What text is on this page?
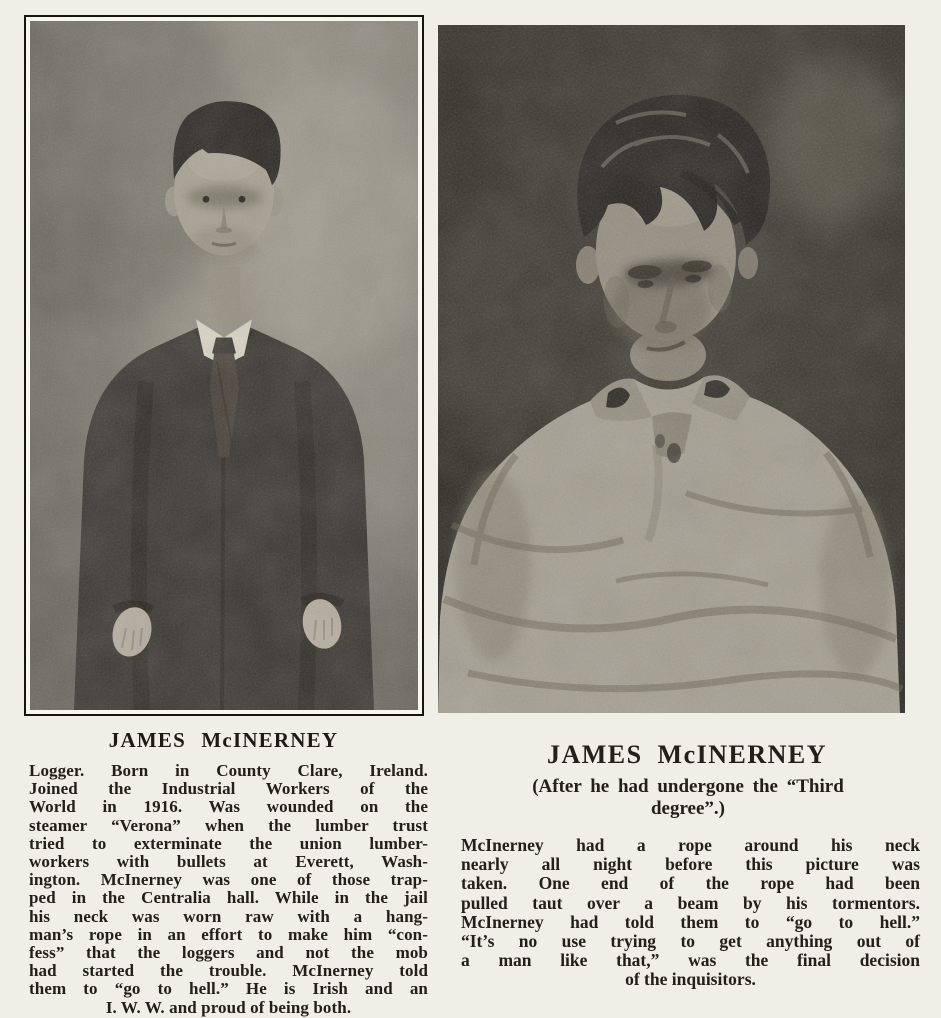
JAMES McINERNEY
Logger. Born in County Clare, Ireland.
Joined the Industrial Workers of the
World in 1916. Was wounded on the
steamer “Verona” when the lumber trust
tried to exterminate the union lumber-
workers with bullets at Everett, Wash-
ington. McInerney was one of those trap-
ped in the Centralia hall. While in the jail
his neck was worn raw with a hang-
man’s rope in an effort to make him “con-
fess” that the loggers and not the mob
had started the trouble. McInerney told
them to “go to hell.” He is Irish and an
I. W. W. and proud of being both.
JAMES McINERNEY
(After he had undergone the “Third
degree”.)
McInerney had a rope around his neck
nearly all night before this picture was
taken. One end of the rope had been
pulled taut over a beam by his tormentors.
McInerney had told them to “go to hell.”
“It’s no use trying to get anything out of
a man like that,” was the final decision
of the inquisitors.
